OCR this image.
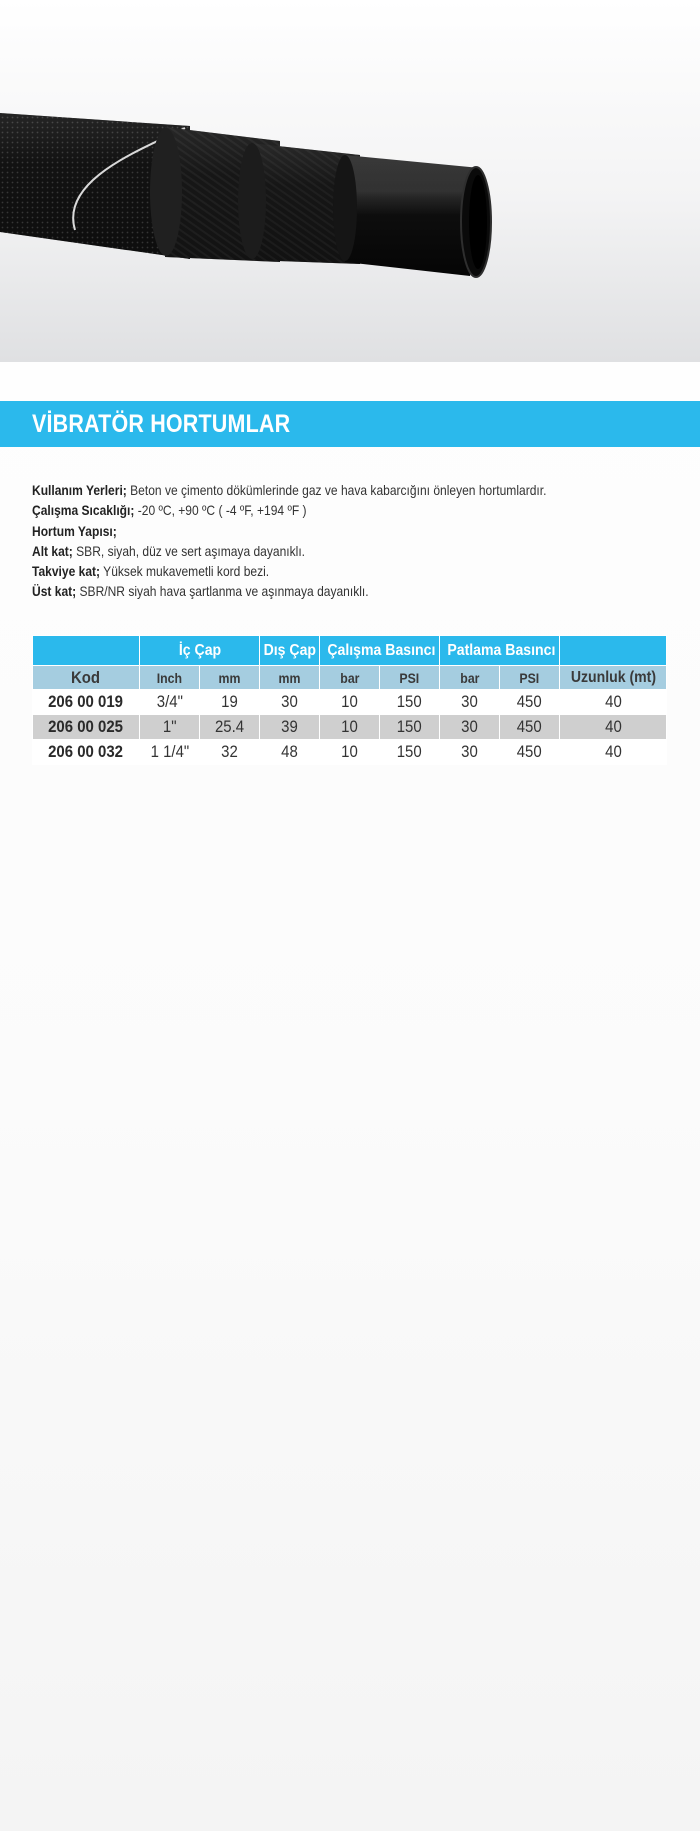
VİBRATÖR HORTUMLAR
Kullanım Yerleri; Beton ve çimento dökümlerinde gaz ve hava kabarcığını önleyen hortumlardır.
Çalışma Sıcaklığı; -20 ºC, +90 ºC ( -4 ºF, +194 ºF )
Hortum Yapısı;
Alt kat; SBR, siyah, düz ve sert aşımaya dayanıklı.
Takviye kat; Yüksek mukavemetli kord bezi.
Üst kat; SBR/NR siyah hava şartlanma ve aşınmaya dayanıklı.
	İç Çap		Dış Çap	Çalışma Basıncı		Patlama Basıncı		
Kod	Inch	mm	mm	bar	PSI	bar	PSI	Uzunluk (mt)
206 00 019	3/4"	19	30	10	150	30	450	40
206 00 025	1"	25.4	39	10	150	30	450	40
206 00 032	1 1/4"	32	48	10	150	30	450	40
